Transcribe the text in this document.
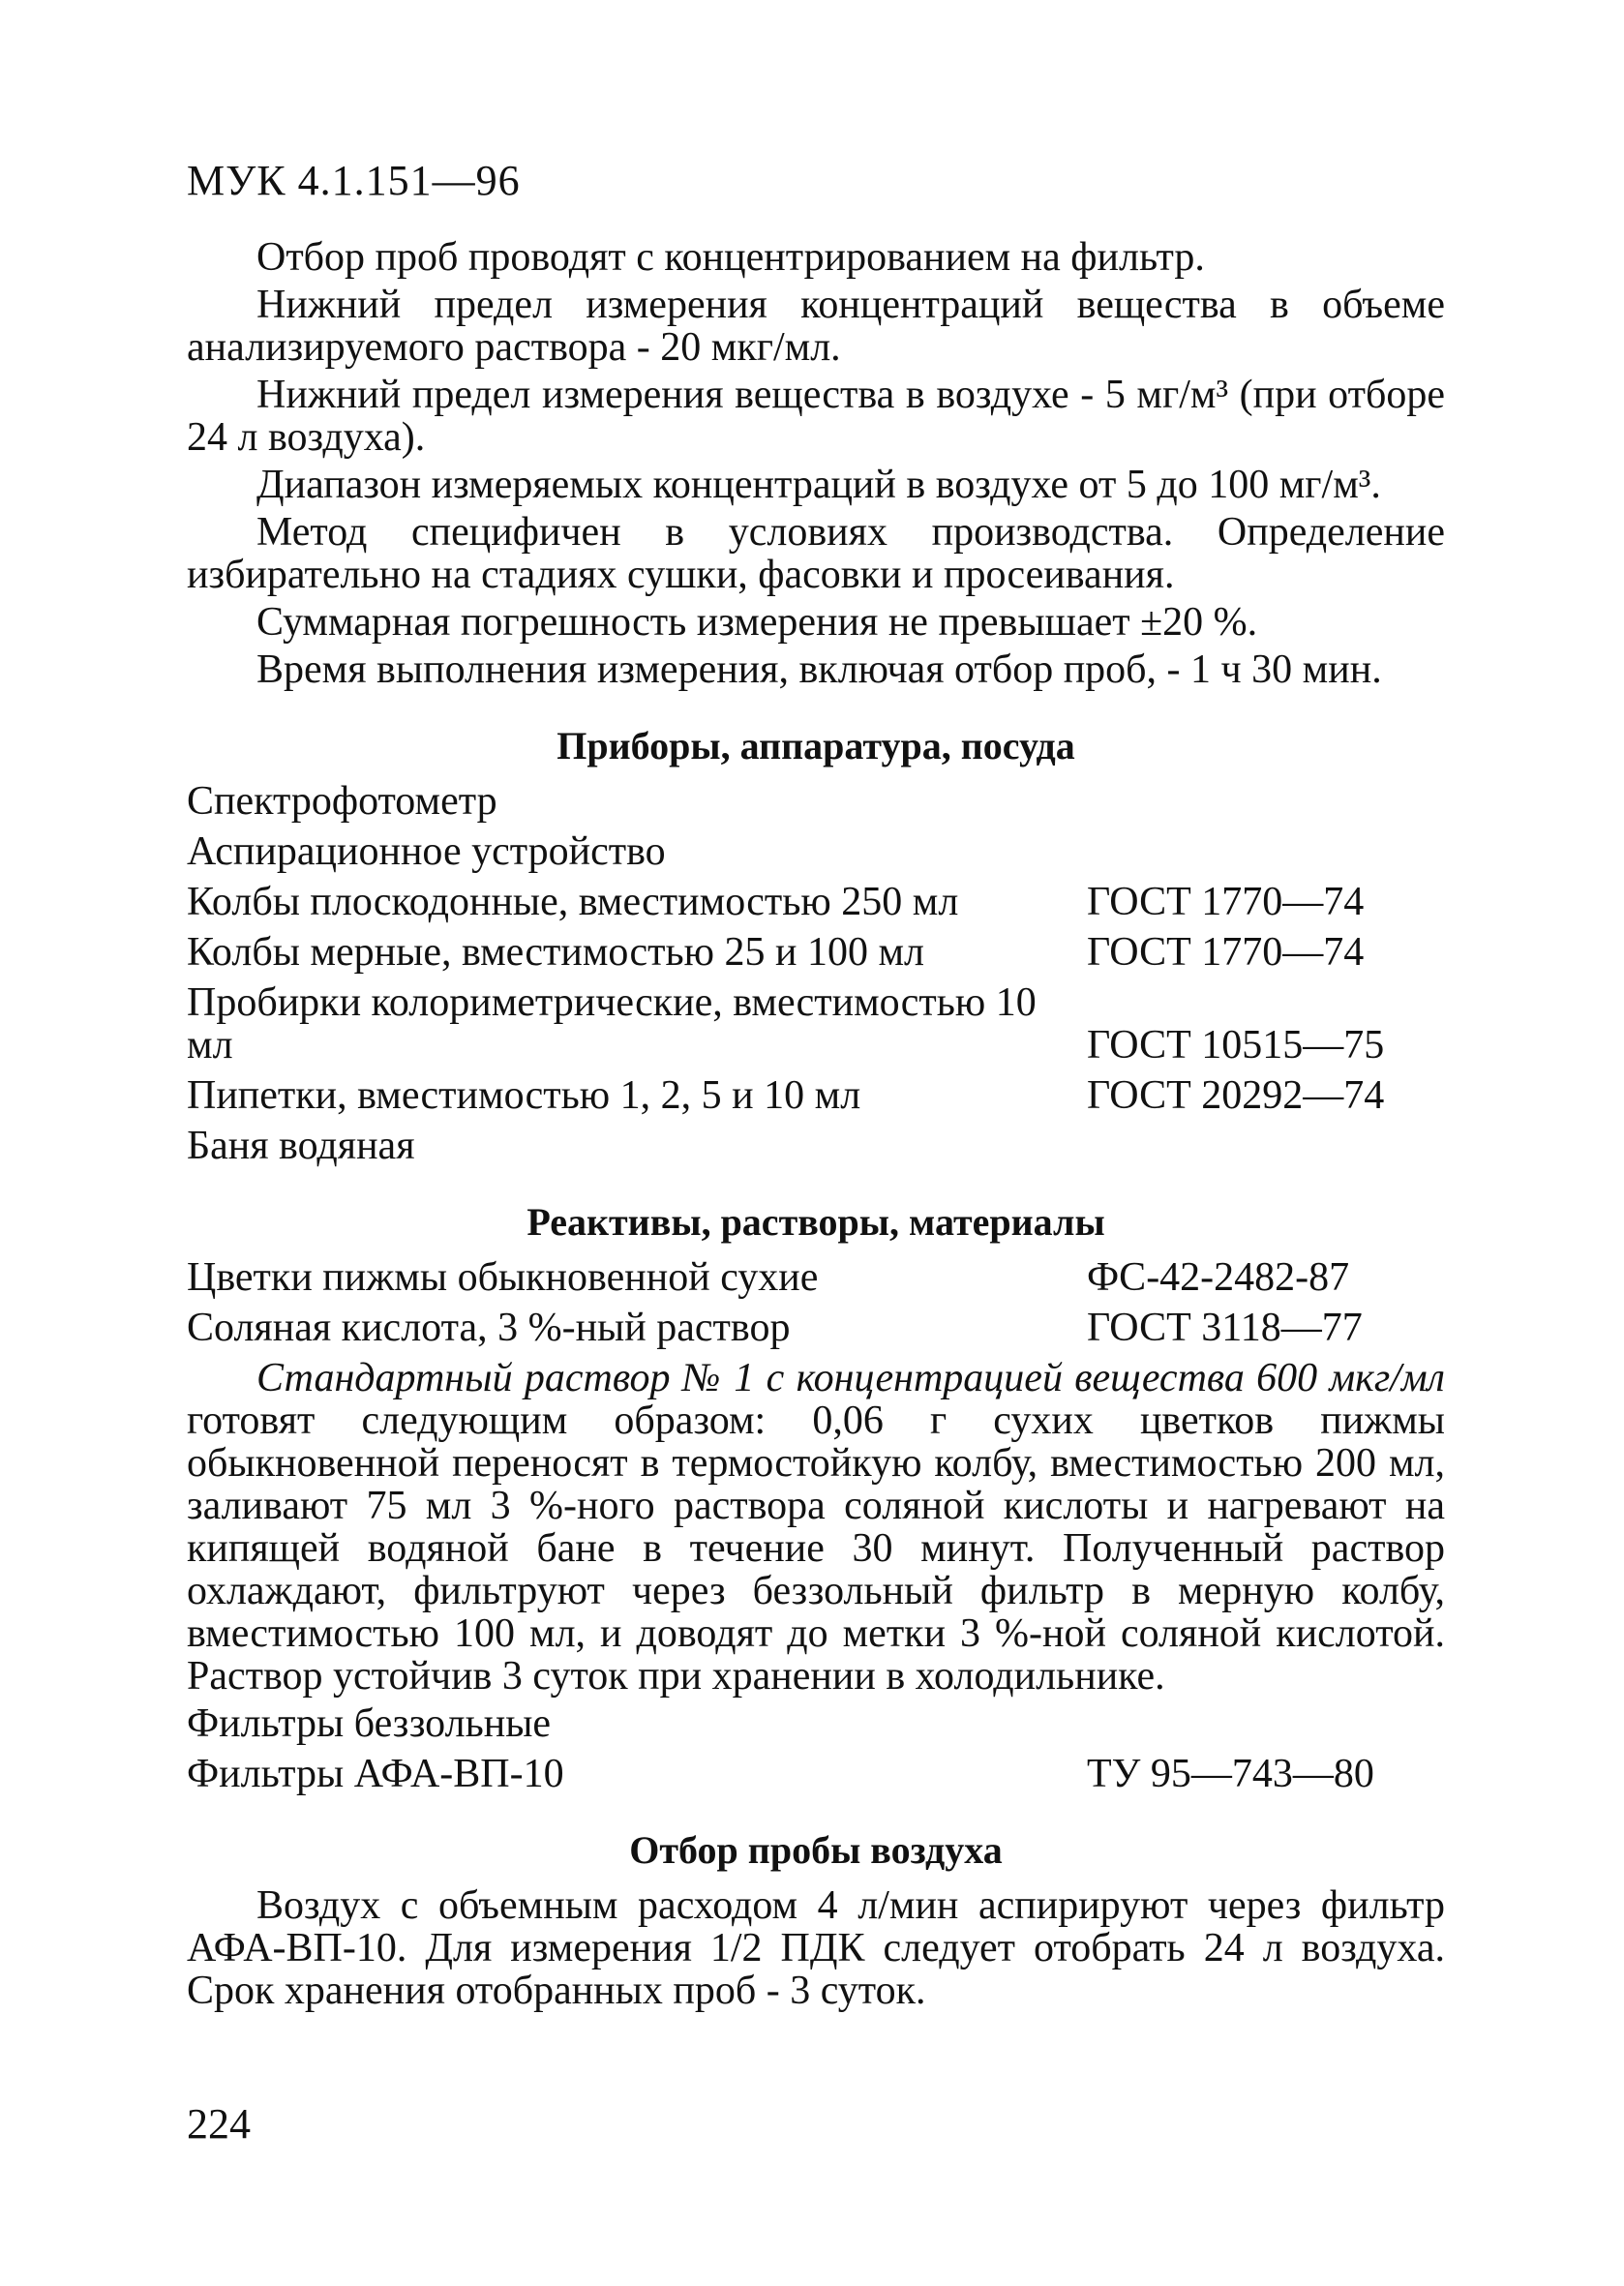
МУК 4.1.151—96

Отбор проб проводят с концентрированием на фильтр.

Нижний предел измерения концентраций вещества в объеме анализируемого раствора - 20 мкг/мл.

Нижний предел измерения вещества в воздухе - 5 мг/м³ (при отборе 24 л воздуха).

Диапазон измеряемых концентраций в воздухе от 5 до 100 мг/м³.

Метод специфичен в условиях производства. Определение избирательно на стадиях сушки, фасовки и просеивания.

Суммарная погрешность измерения не превышает ±20 %.

Время выполнения измерения, включая отбор проб, - 1 ч 30 мин.

Приборы, аппаратура, посуда
Спектрофотометр
Аспирационное устройство
Колбы плоскодонные, вместимостью 250 мл	ГОСТ 1770—74
Колбы мерные, вместимостью 25 и 100 мл	ГОСТ 1770—74
Пробирки колориметрические, вместимостью 10 мл	ГОСТ 10515—75
Пипетки, вместимостью 1, 2, 5 и 10 мл	ГОСТ 20292—74
Баня водяная
Реактивы, растворы, материалы
Цветки пижмы обыкновенной сухие	ФС-42-2482-87
Соляная кислота, 3 %-ный раствор	ГОСТ 3118—77

Стандартный раствор № 1 с концентрацией вещества 600 мкг/мл готовят следующим образом: 0,06 г сухих цветков пижмы обыкновенной переносят в термостойкую колбу, вместимостью 200 мл, заливают 75 мл 3 %-ного раствора соляной кислоты и нагревают на кипящей водяной бане в течение 30 минут. Полученный раствор охлаждают, фильтруют через беззольный фильтр в мерную колбу, вместимостью 100 мл, и доводят до метки 3 %-ной соляной кислотой. Раствор устойчив 3 суток при хранении в холодильнике.

Фильтры беззольные
Фильтры АФА-ВП-10	ТУ 95—743—80
Отбор пробы воздуха

Воздух с объемным расходом 4 л/мин аспирируют через фильтр АФА-ВП-10. Для измерения 1/2 ПДК следует отобрать 24 л воздуха. Срок хранения отобранных проб - 3 суток.

224
